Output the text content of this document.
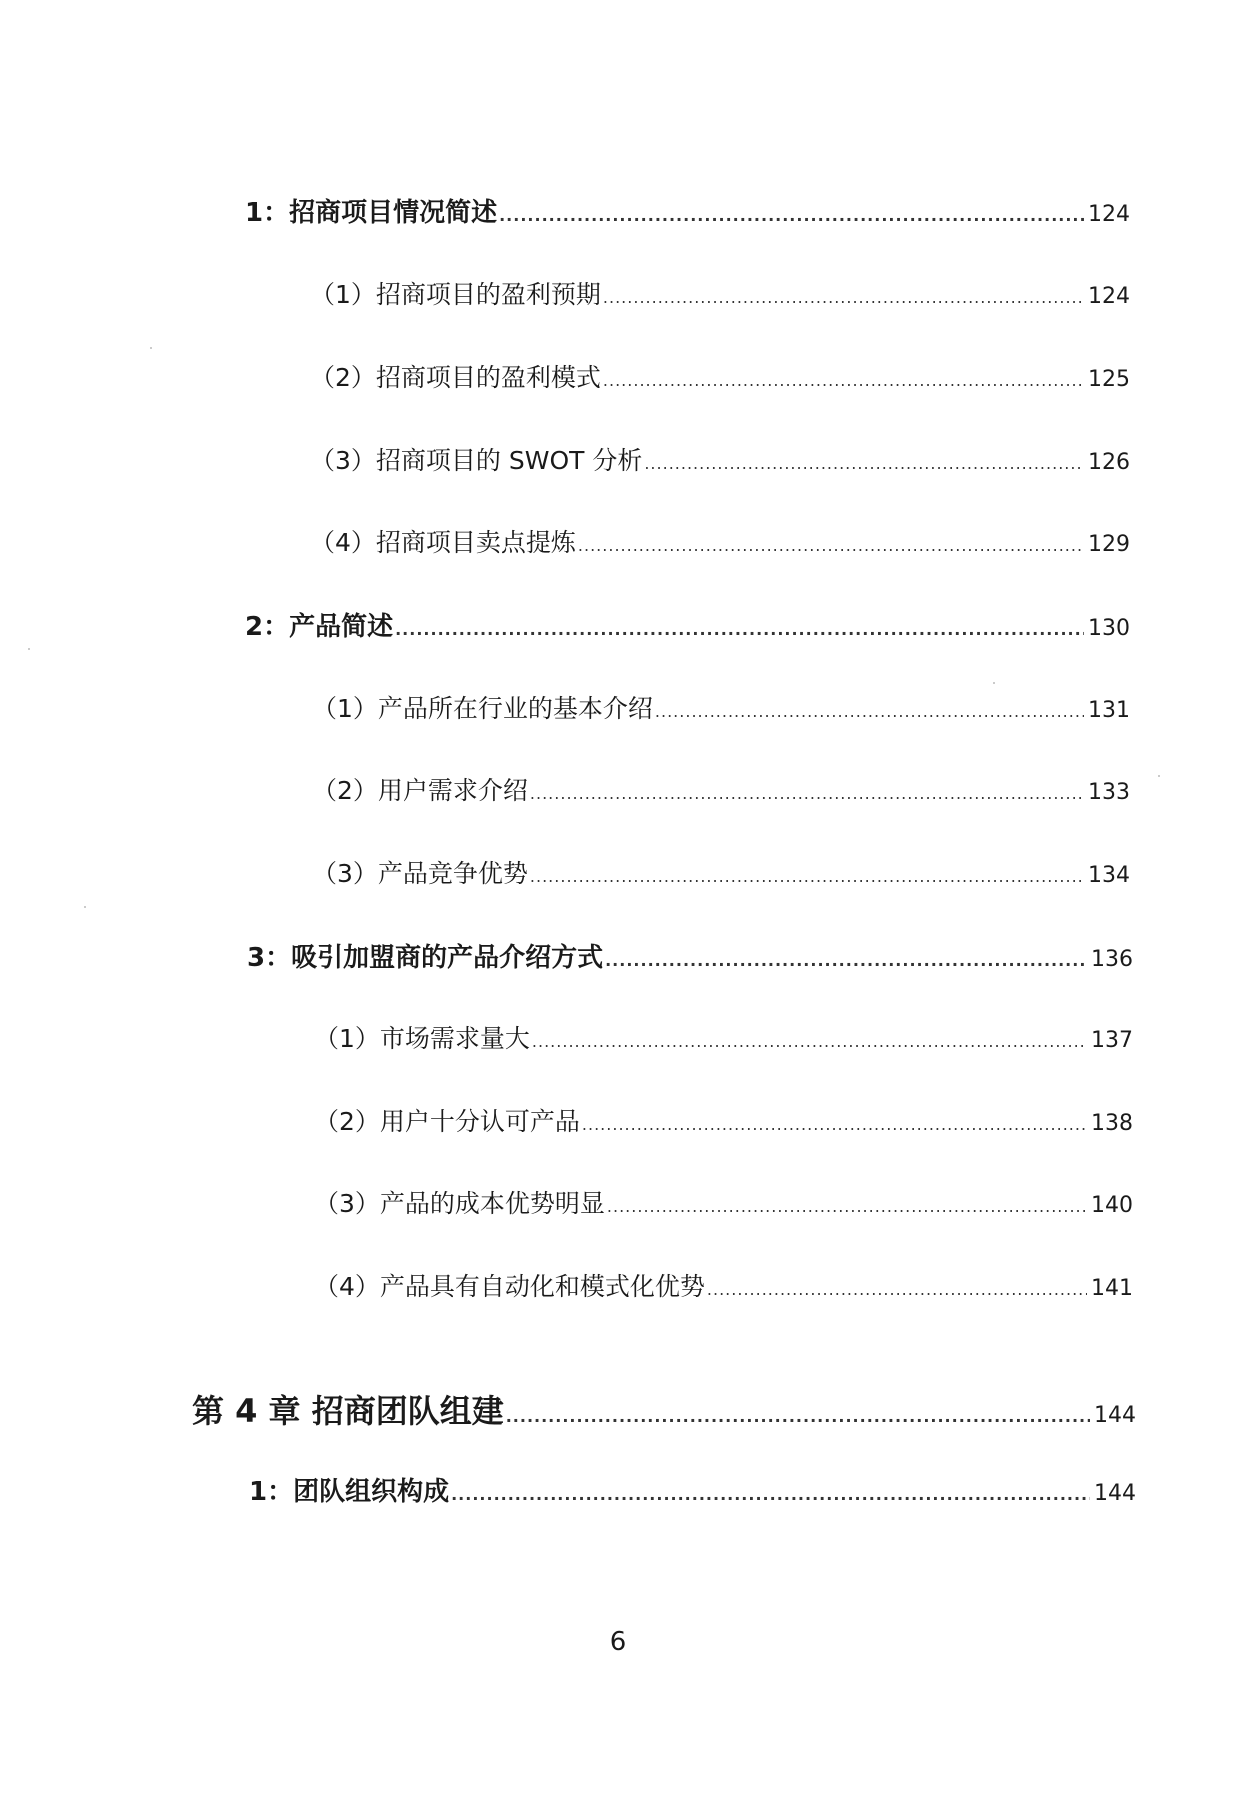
1：招商项目情况简述 .....	124
（1）招商项目的盈利预期 .....	124
（2）招商项目的盈利模式 .....	125
（3）招商项目的 SWOT 分析 .....	126
（4）招商项目卖点提炼 .....	129
2：产品简述 .....	130
（1）产品所在行业的基本介绍 .....	131
（2）用户需求介绍 .....	133
（3）产品竞争优势 .....	134
3：吸引加盟商的产品介绍方式 .....	136
（1）市场需求量大 .....	137
（2）用户十分认可产品 .....	138
（3）产品的成本优势明显 .....	140
（4）产品具有自动化和模式化优势 .....	141
第 4 章 招商团队组建 .....	144
1：团队组织构成 .....	144
6
